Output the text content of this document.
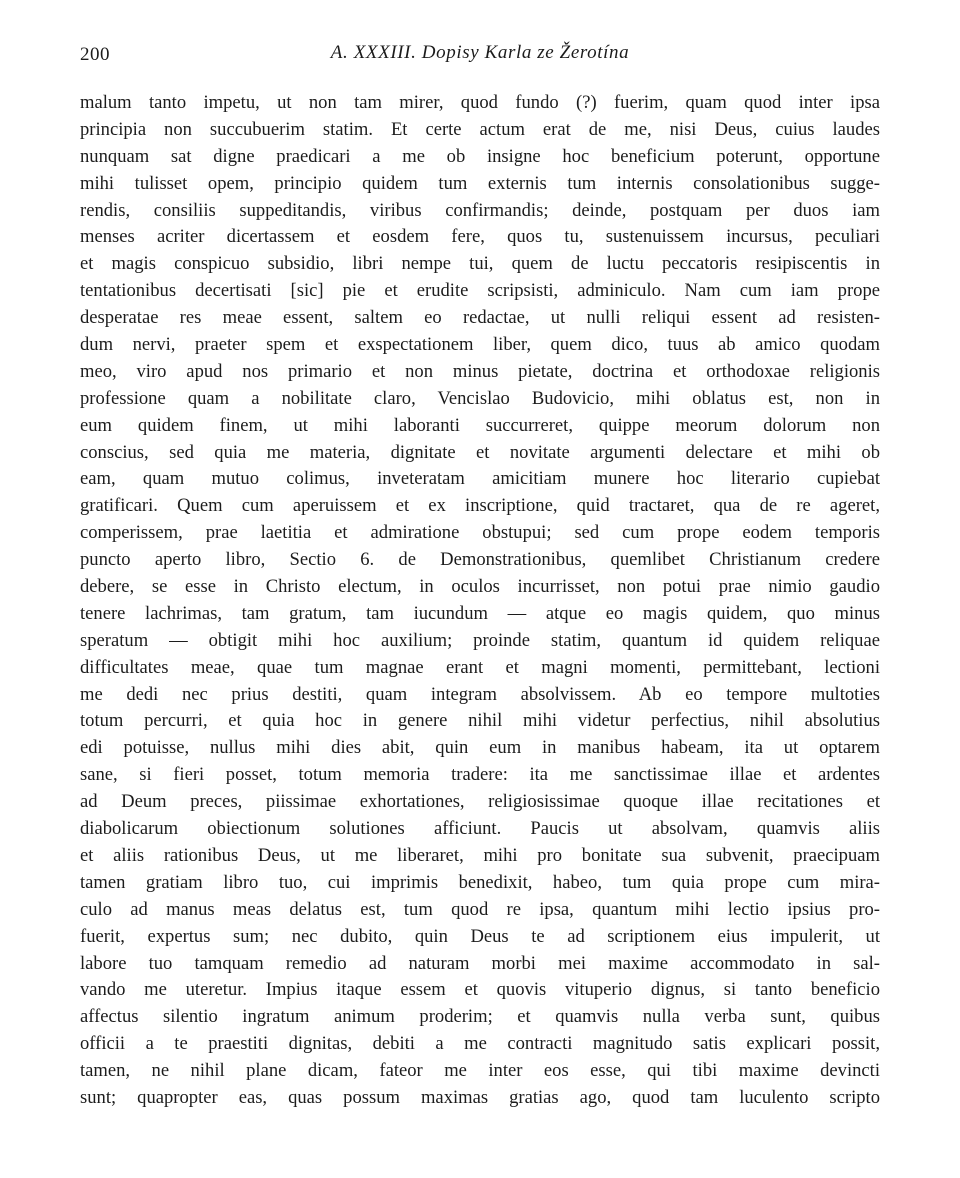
200	A. XXXIII. Dopisy Karla ze Žerotína
malum tanto impetu, ut non tam mirer, quod fundo (?) fuerim, quam quod inter ipsa
principia non succubuerim statim. Et certe actum erat de me, nisi Deus, cuius laudes
nunquam sat digne praedicari a me ob insigne hoc beneficium poterunt, opportune
mihi tulisset opem, principio quidem tum externis tum internis consolationibus sugge-
rendis, consiliis suppeditandis, viribus confirmandis; deinde, postquam per duos iam
menses acriter dicertassem et eosdem fere, quos tu, sustenuissem incursus, peculiari
et magis conspicuo subsidio, libri nempe tui, quem de luctu peccatoris resipiscentis in
tentationibus decertisati [sic] pie et erudite scripsisti, adminiculo. Nam cum iam prope
desperatae res meae essent, saltem eo redactae, ut nulli reliqui essent ad resisten-
dum nervi, praeter spem et exspectationem liber, quem dico, tuus ab amico quodam
meo, viro apud nos primario et non minus pietate, doctrina et orthodoxae religionis
professione quam a nobilitate claro, Vencislao Budovicio, mihi oblatus est, non in
eum quidem finem, ut mihi laboranti succurreret, quippe meorum dolorum non
conscius, sed quia me materia, dignitate et novitate argumenti delectare et mihi ob
eam, quam mutuo colimus, inveteratam amicitiam munere hoc literario cupiebat
gratificari. Quem cum aperuissem et ex inscriptione, quid tractaret, qua de re ageret,
comperissem, prae laetitia et admiratione obstupui; sed cum prope eodem temporis
puncto aperto libro, Sectio 6. de Demonstrationibus, quemlibet Christianum credere
debere, se esse in Christo electum, in oculos incurrisset, non potui prae nimio gaudio
tenere lachrimas, tam gratum, tam iucundum — atque eo magis quidem, quo minus
speratum — obtigit mihi hoc auxilium; proinde statim, quantum id quidem reliquae
difficultates meae, quae tum magnae erant et magni momenti, permittebant, lectioni
me dedi nec prius destiti, quam integram absolvissem. Ab eo tempore multoties
totum percurri, et quia hoc in genere nihil mihi videtur perfectius, nihil absolutius
edi potuisse, nullus mihi dies abit, quin eum in manibus habeam, ita ut optarem
sane, si fieri posset, totum memoria tradere: ita me sanctissimae illae et ardentes
ad Deum preces, piissimae exhortationes, religiosissimae quoque illae recitationes et
diabolicarum obiectionum solutiones afficiunt. Paucis ut absolvam, quamvis aliis
et aliis rationibus Deus, ut me liberaret, mihi pro bonitate sua subvenit, praecipuam
tamen gratiam libro tuo, cui imprimis benedixit, habeo, tum quia prope cum mira-
culo ad manus meas delatus est, tum quod re ipsa, quantum mihi lectio ipsius pro-
fuerit, expertus sum; nec dubito, quin Deus te ad scriptionem eius impulerit, ut
labore tuo tamquam remedio ad naturam morbi mei maxime accommodato in sal-
vando me uteretur. Impius itaque essem et quovis vituperio dignus, si tanto beneficio
affectus silentio ingratum animum proderim; et quamvis nulla verba sunt, quibus
officii a te praestiti dignitas, debiti a me contracti magnitudo satis explicari possit,
tamen, ne nihil plane dicam, fateor me inter eos esse, qui tibi maxime devincti
sunt; quapropter eas, quas possum maximas gratias ago, quod tam luculento scripto
